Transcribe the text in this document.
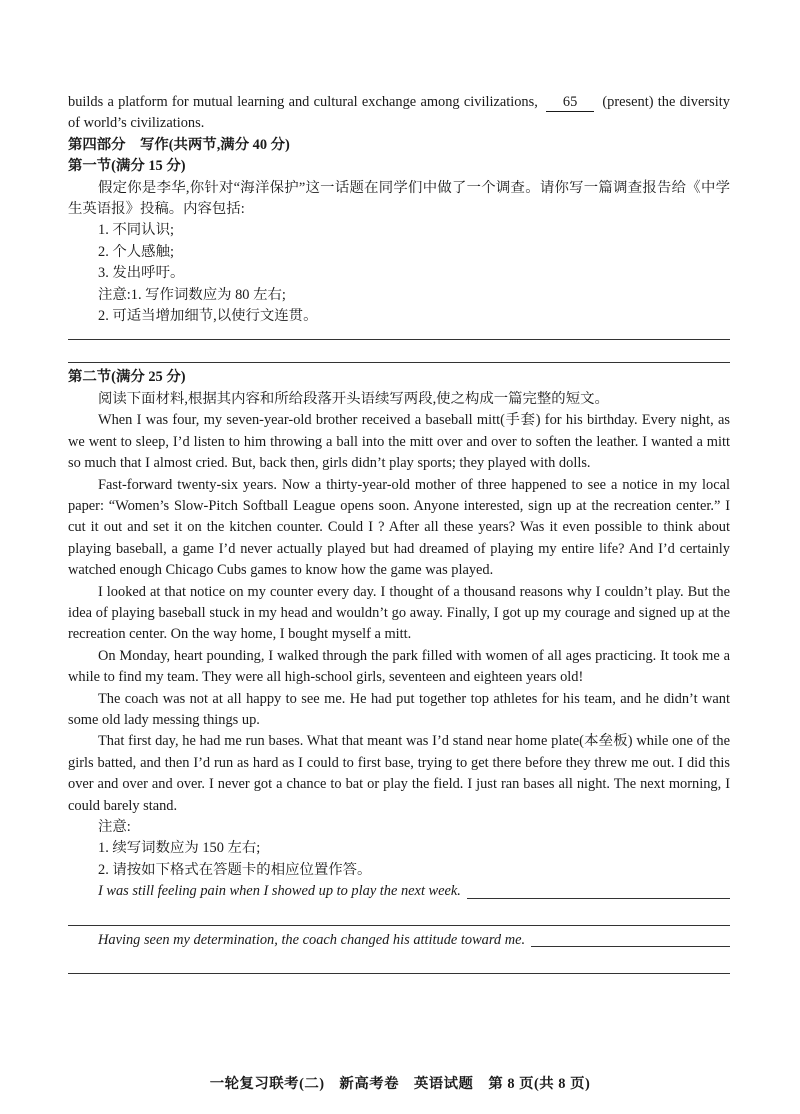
builds a platform for mutual learning and cultural exchange among civilizations, 65 (present) the diversity of world’s civilizations.

第四部分　写作(共两节,满分 40 分)

第一节(满分 15 分)

假定你是李华,你针对“海洋保护”这一话题在同学们中做了一个调查。请你写一篇调查报告给《中学生英语报》投稿。内容包括:

1. 不同认识;

2. 个人感触;

3. 发出呼吁。

注意:1. 写作词数应为 80 左右;

2. 可适当增加细节,以使行文连贯。

第二节(满分 25 分)

阅读下面材料,根据其内容和所给段落开头语续写两段,使之构成一篇完整的短文。

When I was four, my seven-year-old brother received a baseball mitt(手套) for his birthday. Every night, as we went to sleep, I’d listen to him throwing a ball into the mitt over and over to soften the leather. I wanted a mitt so much that I almost cried. But, back then, girls didn’t play sports; they played with dolls.

Fast-forward twenty-six years. Now a thirty-year-old mother of three happened to see a notice in my local paper: “Women’s Slow-Pitch Softball League opens soon. Anyone interested, sign up at the recreation center.” I cut it out and set it on the kitchen counter. Could I ? After all these years? Was it even possible to think about playing baseball, a game I’d never actually played but had dreamed of playing my entire life? And I’d certainly watched enough Chicago Cubs games to know how the game was played.

I looked at that notice on my counter every day. I thought of a thousand reasons why I couldn’t play. But the idea of playing baseball stuck in my head and wouldn’t go away. Finally, I got up my courage and signed up at the recreation center. On the way home, I bought myself a mitt.

On Monday, heart pounding, I walked through the park filled with women of all ages practicing. It took me a while to find my team. They were all high-school girls, seventeen and eighteen years old!

The coach was not at all happy to see me. He had put together top athletes for his team, and he didn’t want some old lady messing things up.

That first day, he had me run bases. What that meant was I’d stand near home plate(本垒板) while one of the girls batted, and then I’d run as hard as I could to first base, trying to get there before they threw me out. I did this over and over and over. I never got a chance to bat or play the field. I just ran bases all night. The next morning, I could barely stand.

注意:

1. 续写词数应为 150 左右;

2. 请按如下格式在答题卡的相应位置作答。

I was still feeling pain when I showed up to play the next week.
Having seen my determination, the coach changed his attitude toward me.
一轮复习联考(二)　新高考卷　英语试题　第 8 页(共 8 页)
